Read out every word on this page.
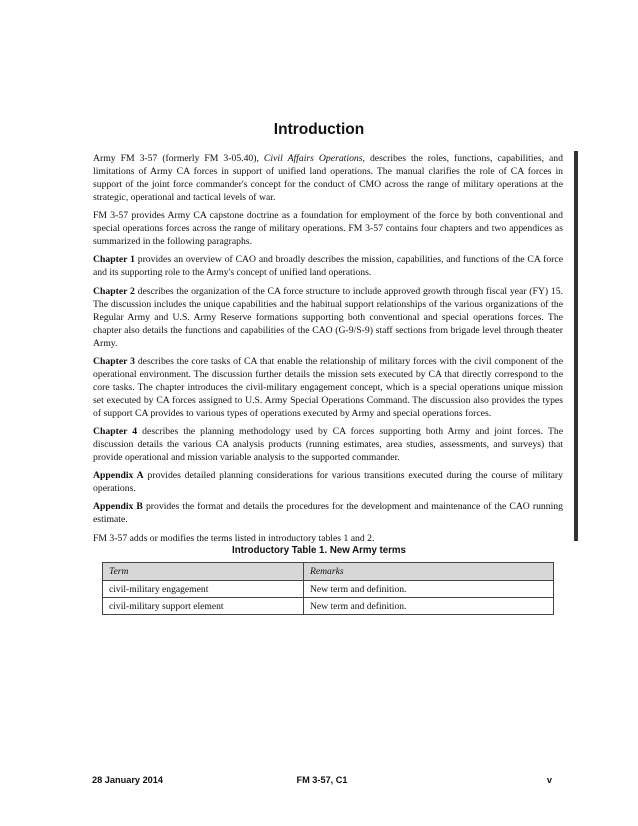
Introduction

Army FM 3-57 (formerly FM 3-05.40), Civil Affairs Operations, describes the roles, functions, capabilities, and limitations of Army CA forces in support of unified land operations. The manual clarifies the role of CA forces in support of the joint force commander's concept for the conduct of CMO across the range of military operations at the strategic, operational and tactical levels of war.

FM 3-57 provides Army CA capstone doctrine as a foundation for employment of the force by both conventional and special operations forces across the range of military operations. FM 3-57 contains four chapters and two appendices as summarized in the following paragraphs.

Chapter 1 provides an overview of CAO and broadly describes the mission, capabilities, and functions of the CA force and its supporting role to the Army's concept of unified land operations.

Chapter 2 describes the organization of the CA force structure to include approved growth through fiscal year (FY) 15. The discussion includes the unique capabilities and the habitual support relationships of the various organizations of the Regular Army and U.S. Army Reserve formations supporting both conventional and special operations forces. The chapter also details the functions and capabilities of the CAO (G-9/S-9) staff sections from brigade level through theater Army.

Chapter 3 describes the core tasks of CA that enable the relationship of military forces with the civil component of the operational environment. The discussion further details the mission sets executed by CA that directly correspond to the core tasks. The chapter introduces the civil-military engagement concept, which is a special operations unique mission set executed by CA forces assigned to U.S. Army Special Operations Command. The discussion also provides the types of support CA provides to various types of operations executed by Army and special operations forces.

Chapter 4 describes the planning methodology used by CA forces supporting both Army and joint forces. The discussion details the various CA analysis products (running estimates, area studies, assessments, and surveys) that provide operational and mission variable analysis to the supported commander.

Appendix A provides detailed planning considerations for various transitions executed during the course of military operations.

Appendix B provides the format and details the procedures for the development and maintenance of the CAO running estimate.

FM 3-57 adds or modifies the terms listed in introductory tables 1 and 2.

Introductory Table 1. New Army terms
Term	Remarks
civil-military engagement	New term and definition.
civil-military support element	New term and definition.
28 January 2014	FM 3-57, C1	v
